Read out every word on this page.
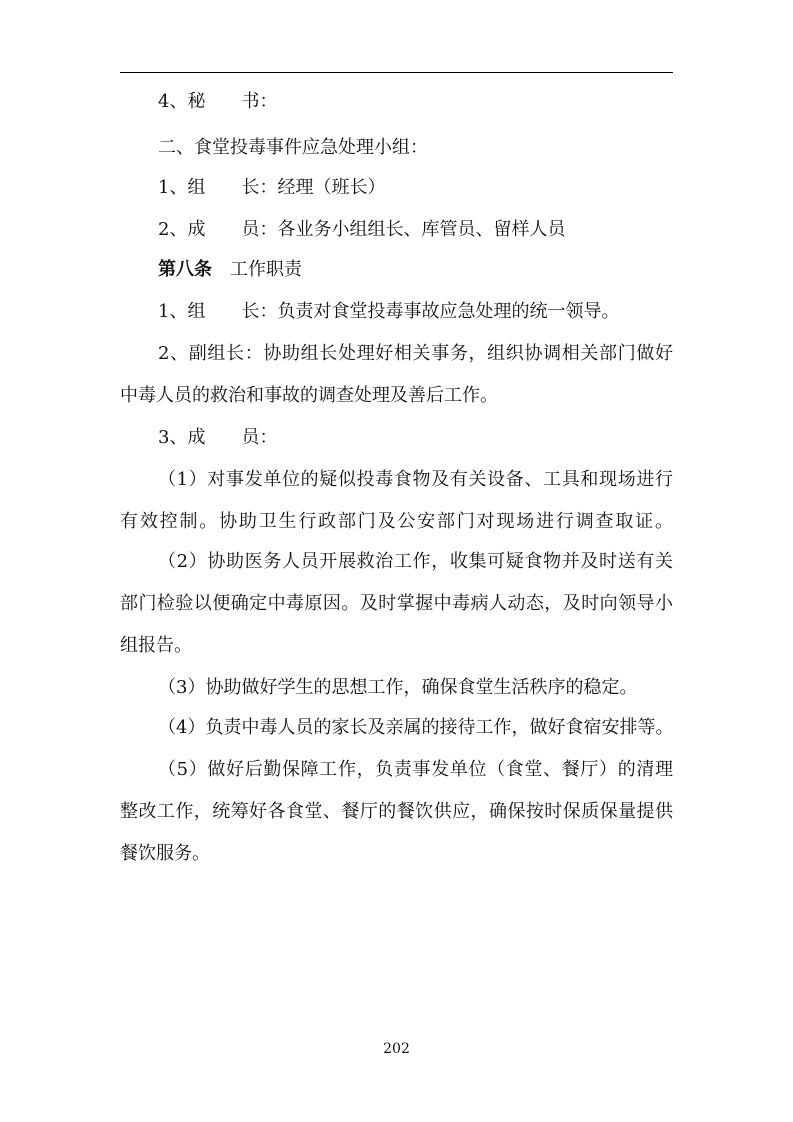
4、秘　　书：
二、食堂投毒事件应急处理小组：
1、组　　长：经理（班长）
2、成　　员：各业务小组组长、库管员、留样人员
第八条　 工作职责
1、组　　长：负责对食堂投毒事故应急处理的统一领导。
2、副组长：协助组长处理好相关事务，组织协调相关部门做好
中毒人员的救治和事故的调查处理及善后工作。
3、成　　员：
（1）对事发单位的疑似投毒食物及有关设备、工具和现场进行
有效控制。协助卫生行政部门及公安部门对现场进行调查取证。
（2）协助医务人员开展救治工作，收集可疑食物并及时送有关
部门检验以便确定中毒原因。及时掌握中毒病人动态，及时向领导小
组报告。
（3）协助做好学生的思想工作，确保食堂生活秩序的稳定。
（4）负责中毒人员的家长及亲属的接待工作，做好食宿安排等。
（5）做好后勤保障工作，负责事发单位（食堂、餐厅）的清理
整改工作，统筹好各食堂、餐厅的餐饮供应，确保按时保质保量提供
餐饮服务。
202
